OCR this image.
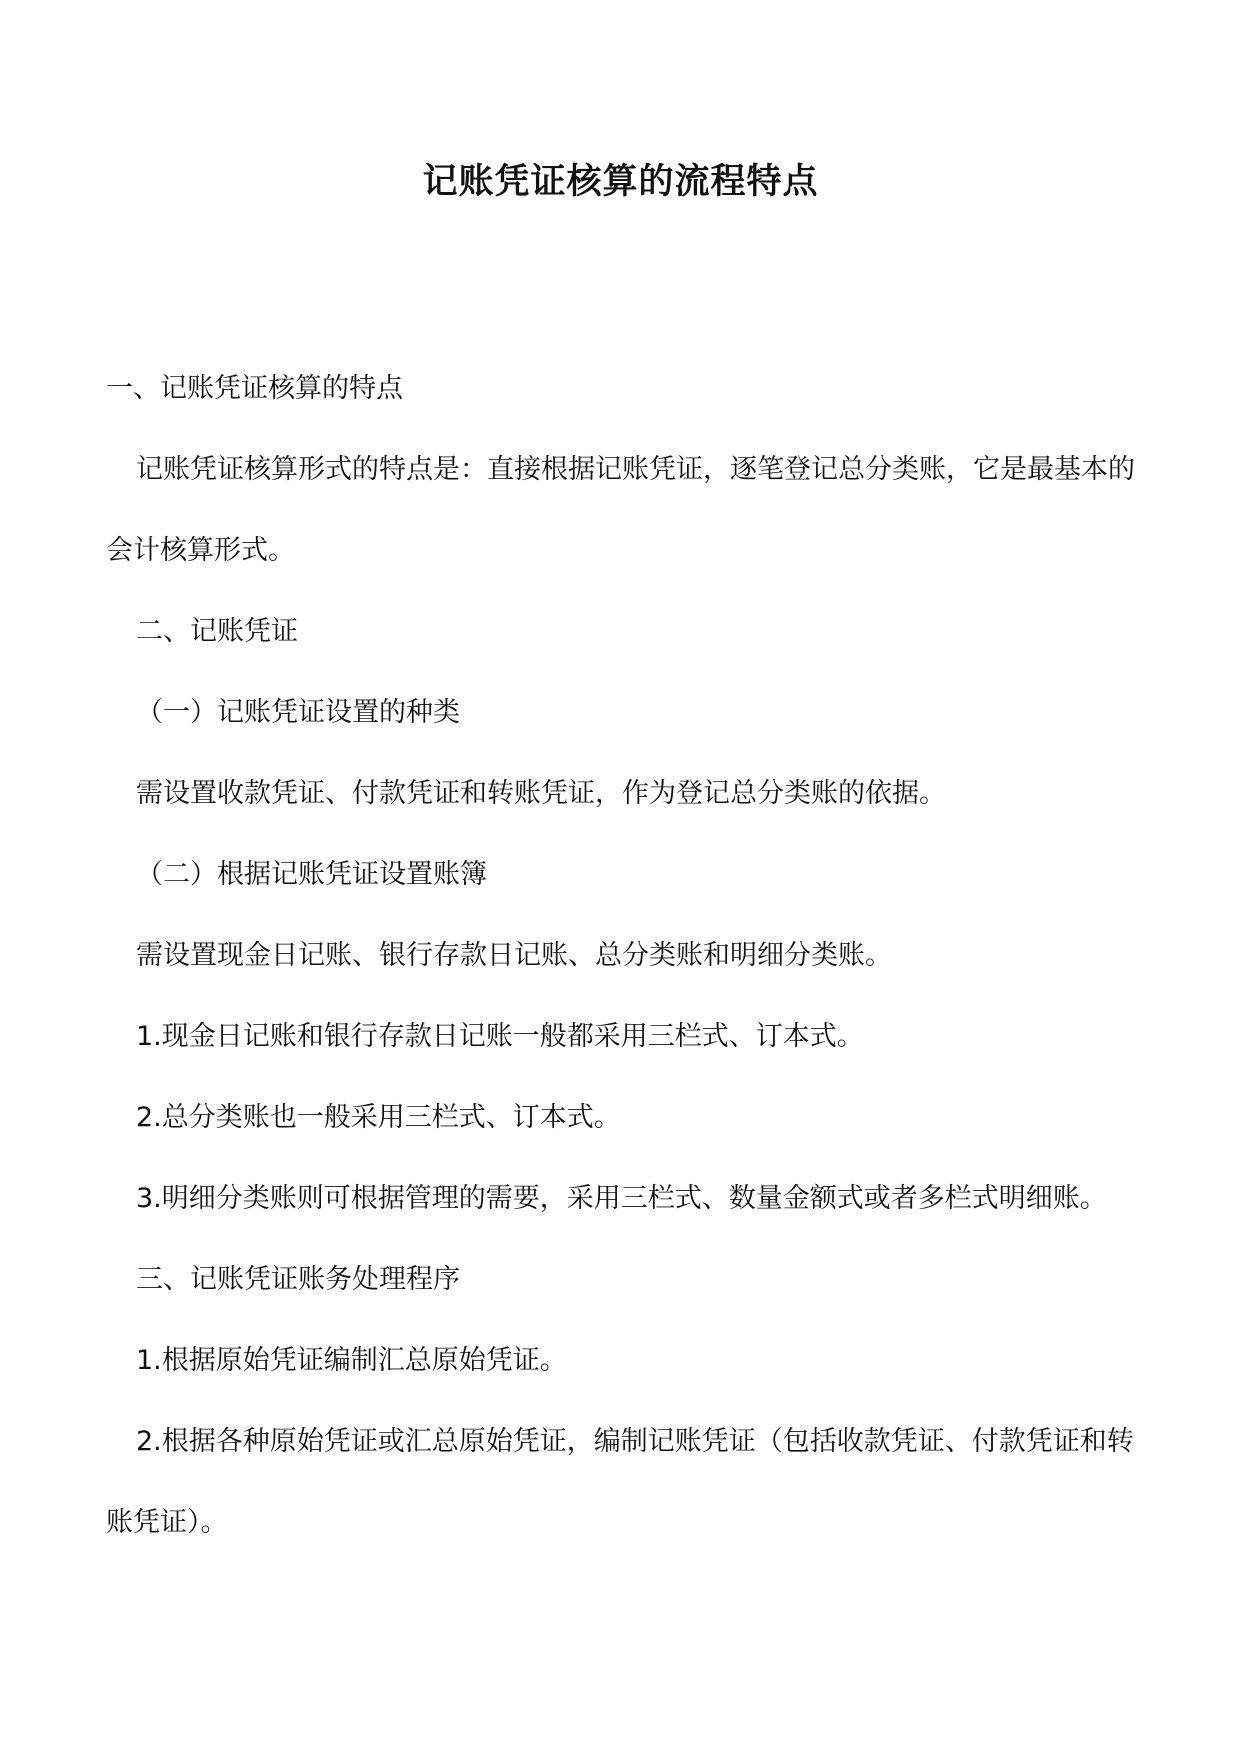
记账凭证核算的流程特点

一、记账凭证核算的特点

记账凭证核算形式的特点是：直接根据记账凭证，逐笔登记总分类账，它是最基本的会计核算形式。

二、记账凭证

（一）记账凭证设置的种类

需设置收款凭证、付款凭证和转账凭证，作为登记总分类账的依据。

（二）根据记账凭证设置账簿

需设置现金日记账、银行存款日记账、总分类账和明细分类账。

1.现金日记账和银行存款日记账一般都采用三栏式、订本式。

2.总分类账也一般采用三栏式、订本式。

3.明细分类账则可根据管理的需要，采用三栏式、数量金额式或者多栏式明细账。

三、记账凭证账务处理程序

1.根据原始凭证编制汇总原始凭证。

2.根据各种原始凭证或汇总原始凭证，编制记账凭证（包括收款凭证、付款凭证和转账凭证）。
